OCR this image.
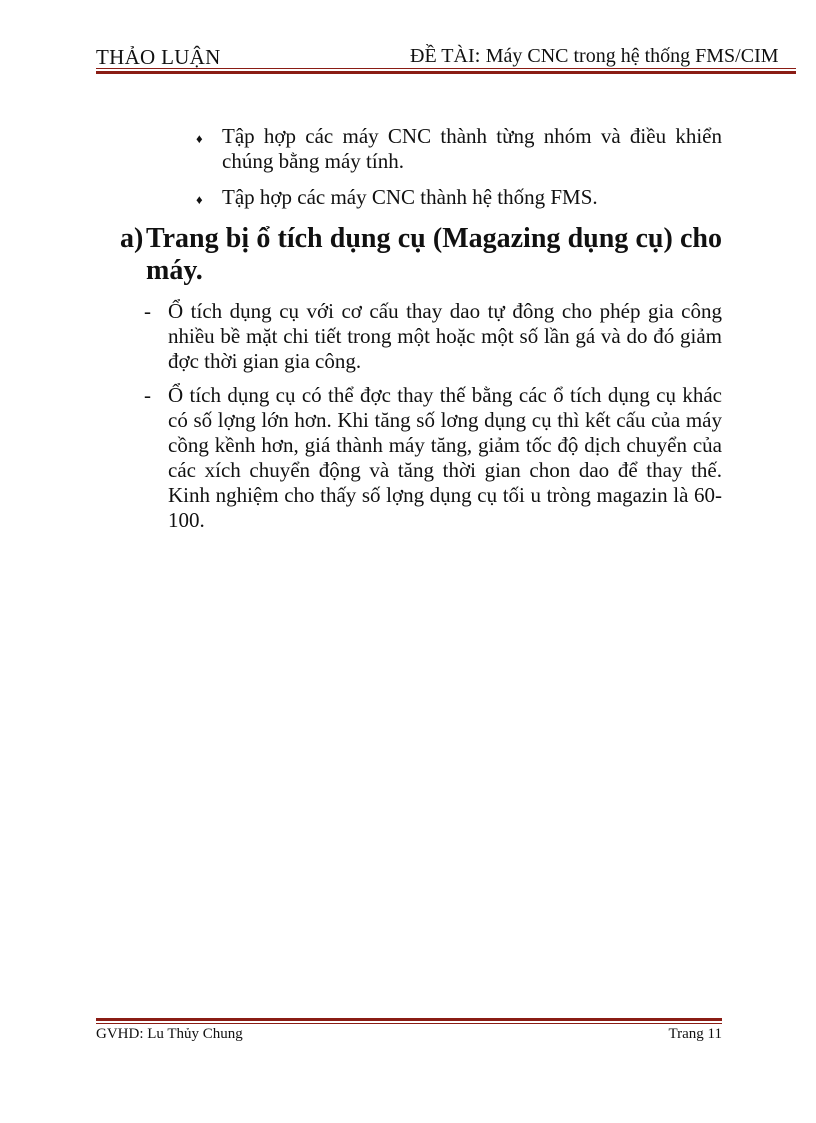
THẢO LUẬN	ĐỀ TÀI: Máy CNC trong hệ thống FMS/CIM
♦ Tập hợp các máy CNC thành từng nhóm và điều khiển chúng bằng máy tính.
♦ Tập hợp các máy CNC thành hệ thống FMS.
a) Trang bị ổ tích dụng cụ (Magazing dụng cụ) cho máy.
- Ổ tích dụng cụ với cơ cấu thay dao tự đông cho phép gia công nhiều bề mặt chi tiết trong một hoặc một số lần gá và do đó giảm đợc thời gian gia công.
- Ổ tích dụng cụ có thể đợc thay thế bằng các ổ tích dụng cụ khác có số lợng lớn hơn. Khi tăng số lơng dụng cụ thì kết cấu của máy cồng kềnh hơn, giá thành máy tăng, giảm tốc độ dịch chuyển của các xích chuyển động và tăng thời gian chon dao để thay thế. Kinh nghiệm cho thấy số lợng dụng cụ tối u tròng magazin là 60-100.
GVHD: Lu Thủy Chung	Trang 11
